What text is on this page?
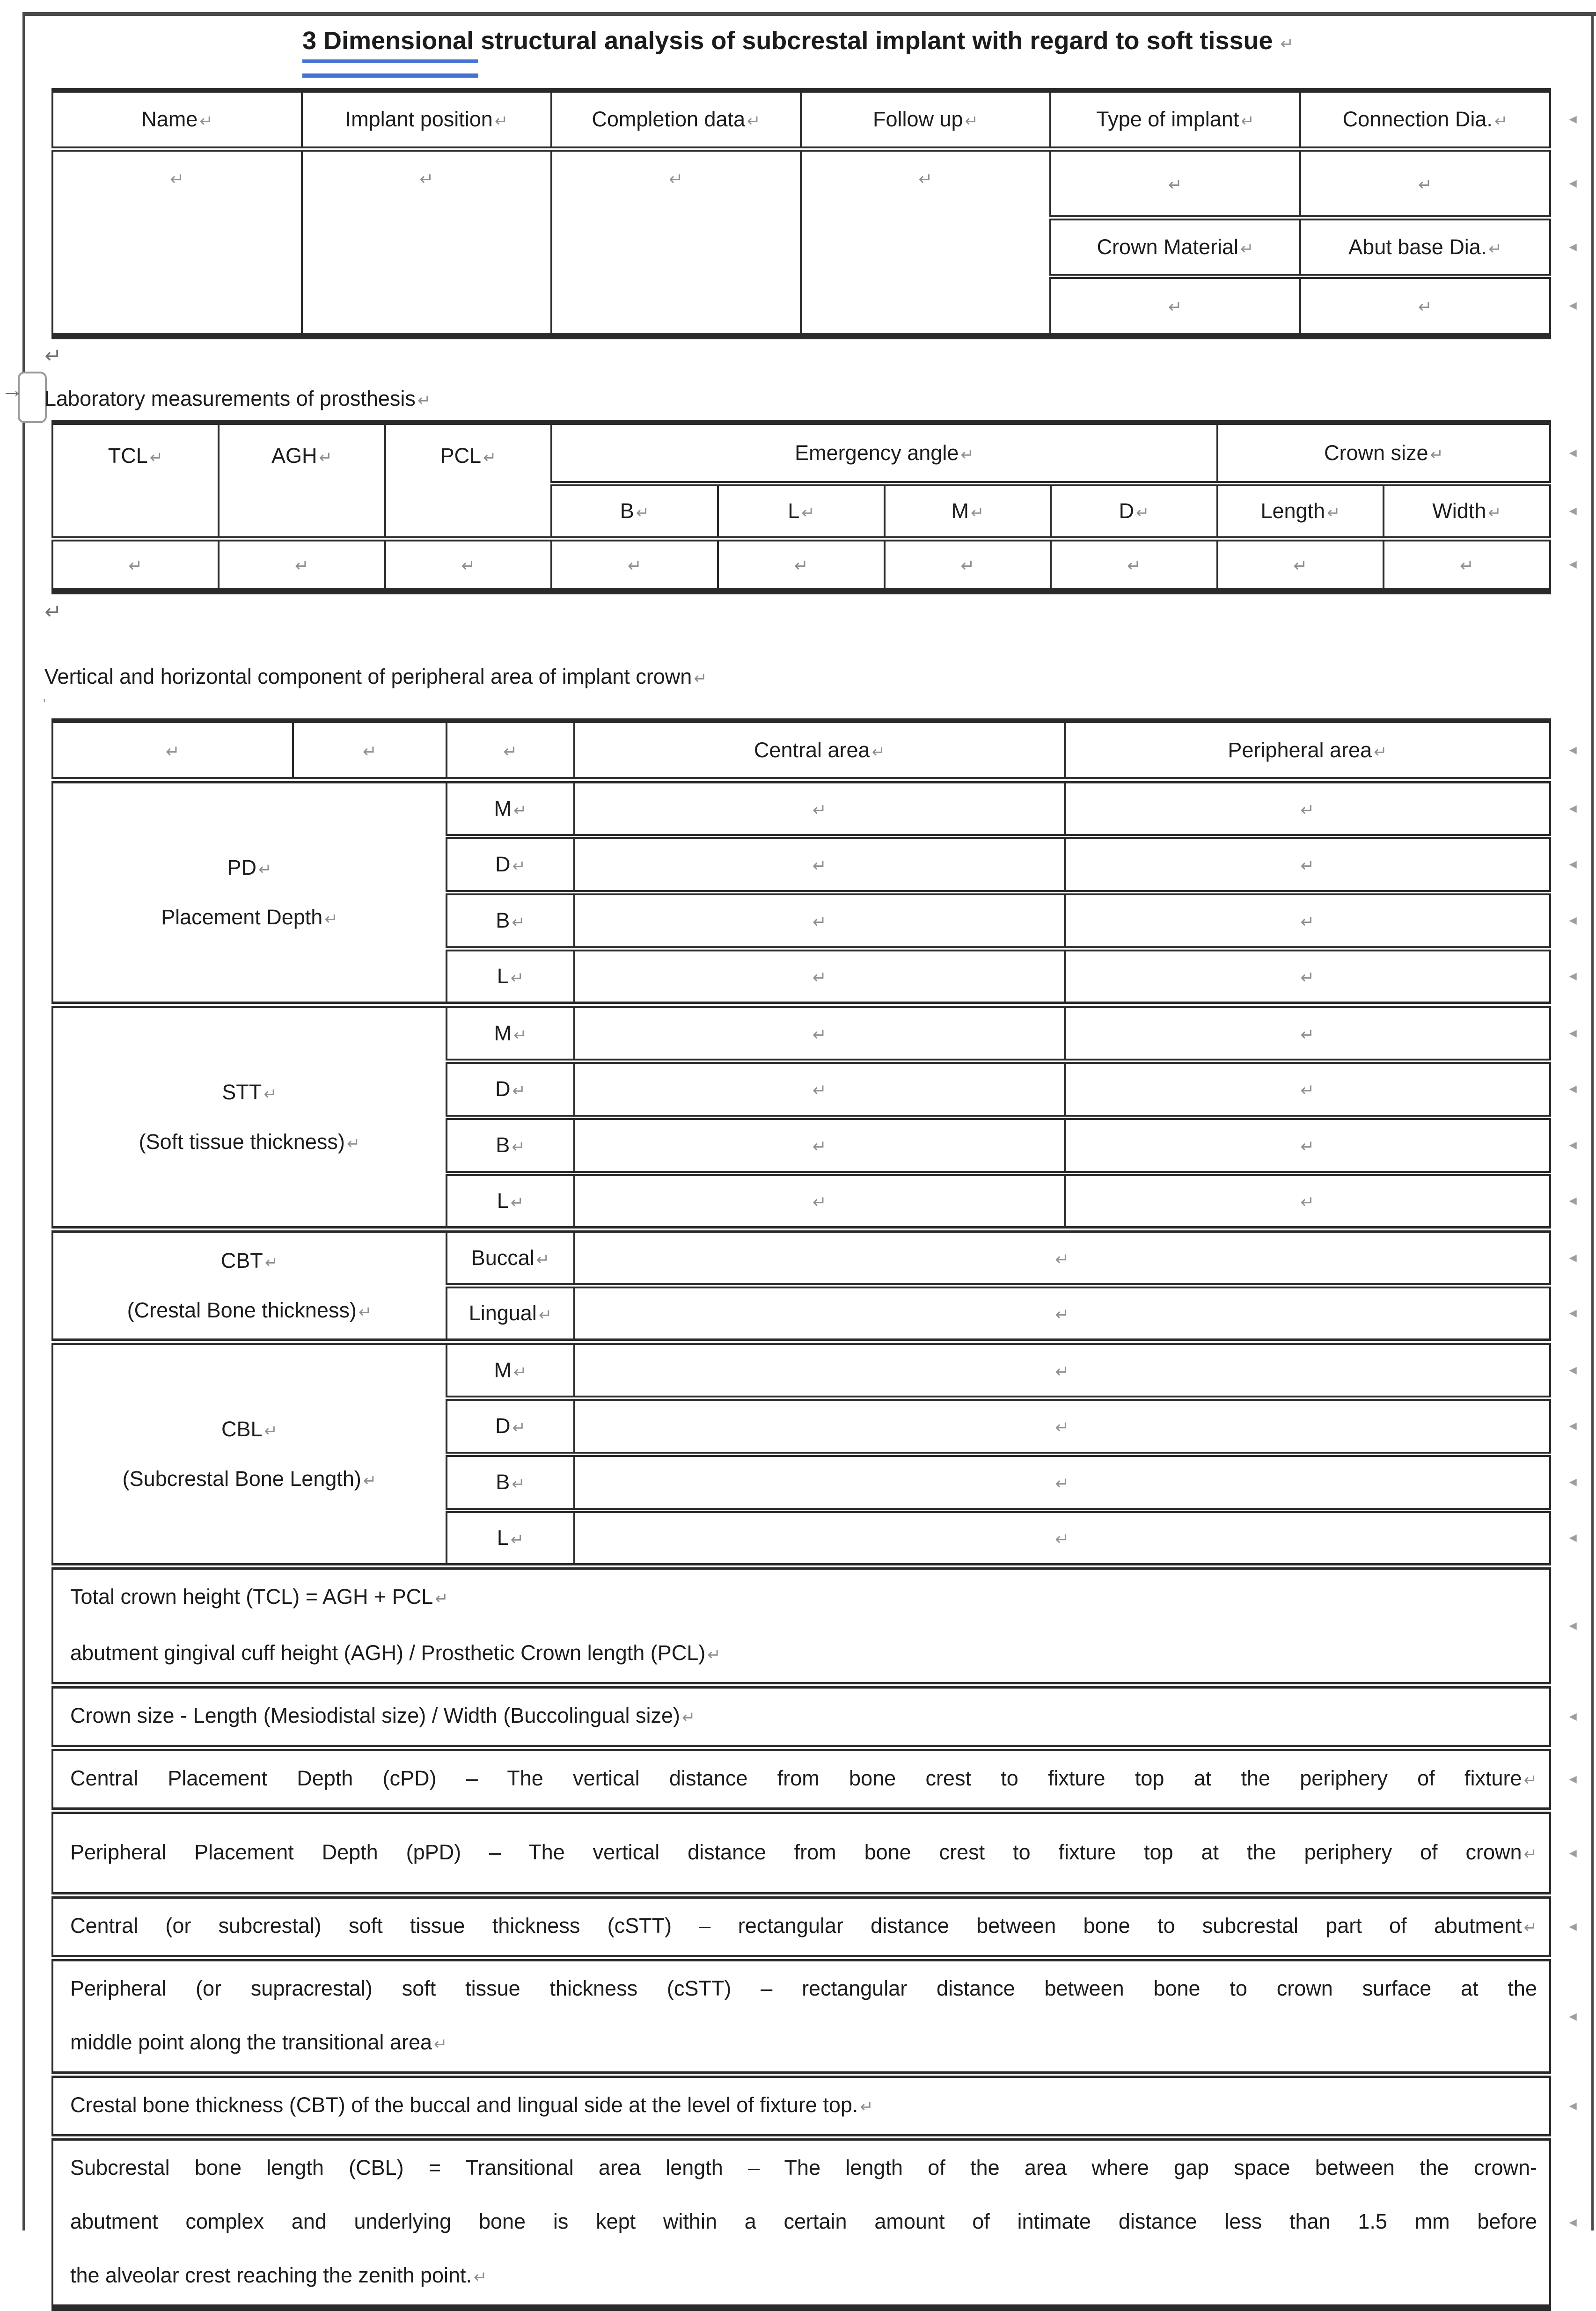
3 Dimensional structural analysis of subcrestal implant with regard to soft tissue ↵
Name ↵	Implant position ↵	Completion data ↵	Follow up ↵	Type of implant ↵	Connection Dia. ↵
◄

↵	↵	↵	↵	↵	↵
◄

				Crown Material ↵	Abut base Dia. ↵
◄

↵	↵
◄
↵
→ Laboratory measurements of prosthesis ↵
TCL ↵	AGH ↵	PCL ↵	Emergency angle ↵				Crown size ↵
◄

			B ↵	L ↵	M ↵	D ↵	Length ↵	Width ↵
◄

↵	↵	↵	↵	↵	↵	↵	↵	↵
◄
↵
Vertical and horizontal component of peripheral area of implant crown ↵
'
↵	↵	↵	Central area ↵	Peripheral area ↵
◄

PD ↵
Placement Depth ↵		M ↵	↵	↵
◄

		D ↵	↵	↵
◄

		B ↵	↵	↵
◄

		L ↵	↵	↵
◄

STT ↵
(Soft tissue thickness) ↵		M ↵	↵	↵
◄

		D ↵	↵	↵
◄

		B ↵	↵	↵
◄

		L ↵	↵	↵
◄

CBT ↵
(Crestal Bone thickness) ↵		Buccal ↵	↵
◄

		Lingual ↵	↵
◄

CBL ↵
(Subcrestal Bone Length) ↵		M ↵	↵
◄

		D ↵	↵
◄

		B ↵	↵
◄

		L ↵	↵
◄

Total crown height (TCL) = AGH + PCL ↵
abutment gingival cuff height (AGH) / Prosthetic Crown length (PCL) ↵
◄

Crown size - Length (Mesiodistal size) / Width (Buccolingual size) ↵
◄

Central Placement Depth (cPD) – The vertical distance from bone crest to fixture top at the periphery of fixture ↵
◄

Peripheral Placement Depth (pPD) – The vertical distance from bone crest to fixture top at the periphery of crown ↵
◄

Central (or subcrestal) soft tissue thickness (cSTT) – rectangular distance between bone to subcrestal part of abutment ↵
◄

Peripheral (or supracrestal) soft tissue thickness (cSTT) – rectangular distance between bone to crown surface at the
middle point along the transitional area ↵
◄

Crestal bone thickness (CBT) of the buccal and lingual side at the level of fixture top. ↵
◄

Subcrestal bone length (CBL) = Transitional area length – The length of the area where gap space between the crown-
abutment complex and underlying bone is kept within a certain amount of intimate distance less than 1.5 mm before
the alveolar crest reaching the zenith point. ↵
◄
